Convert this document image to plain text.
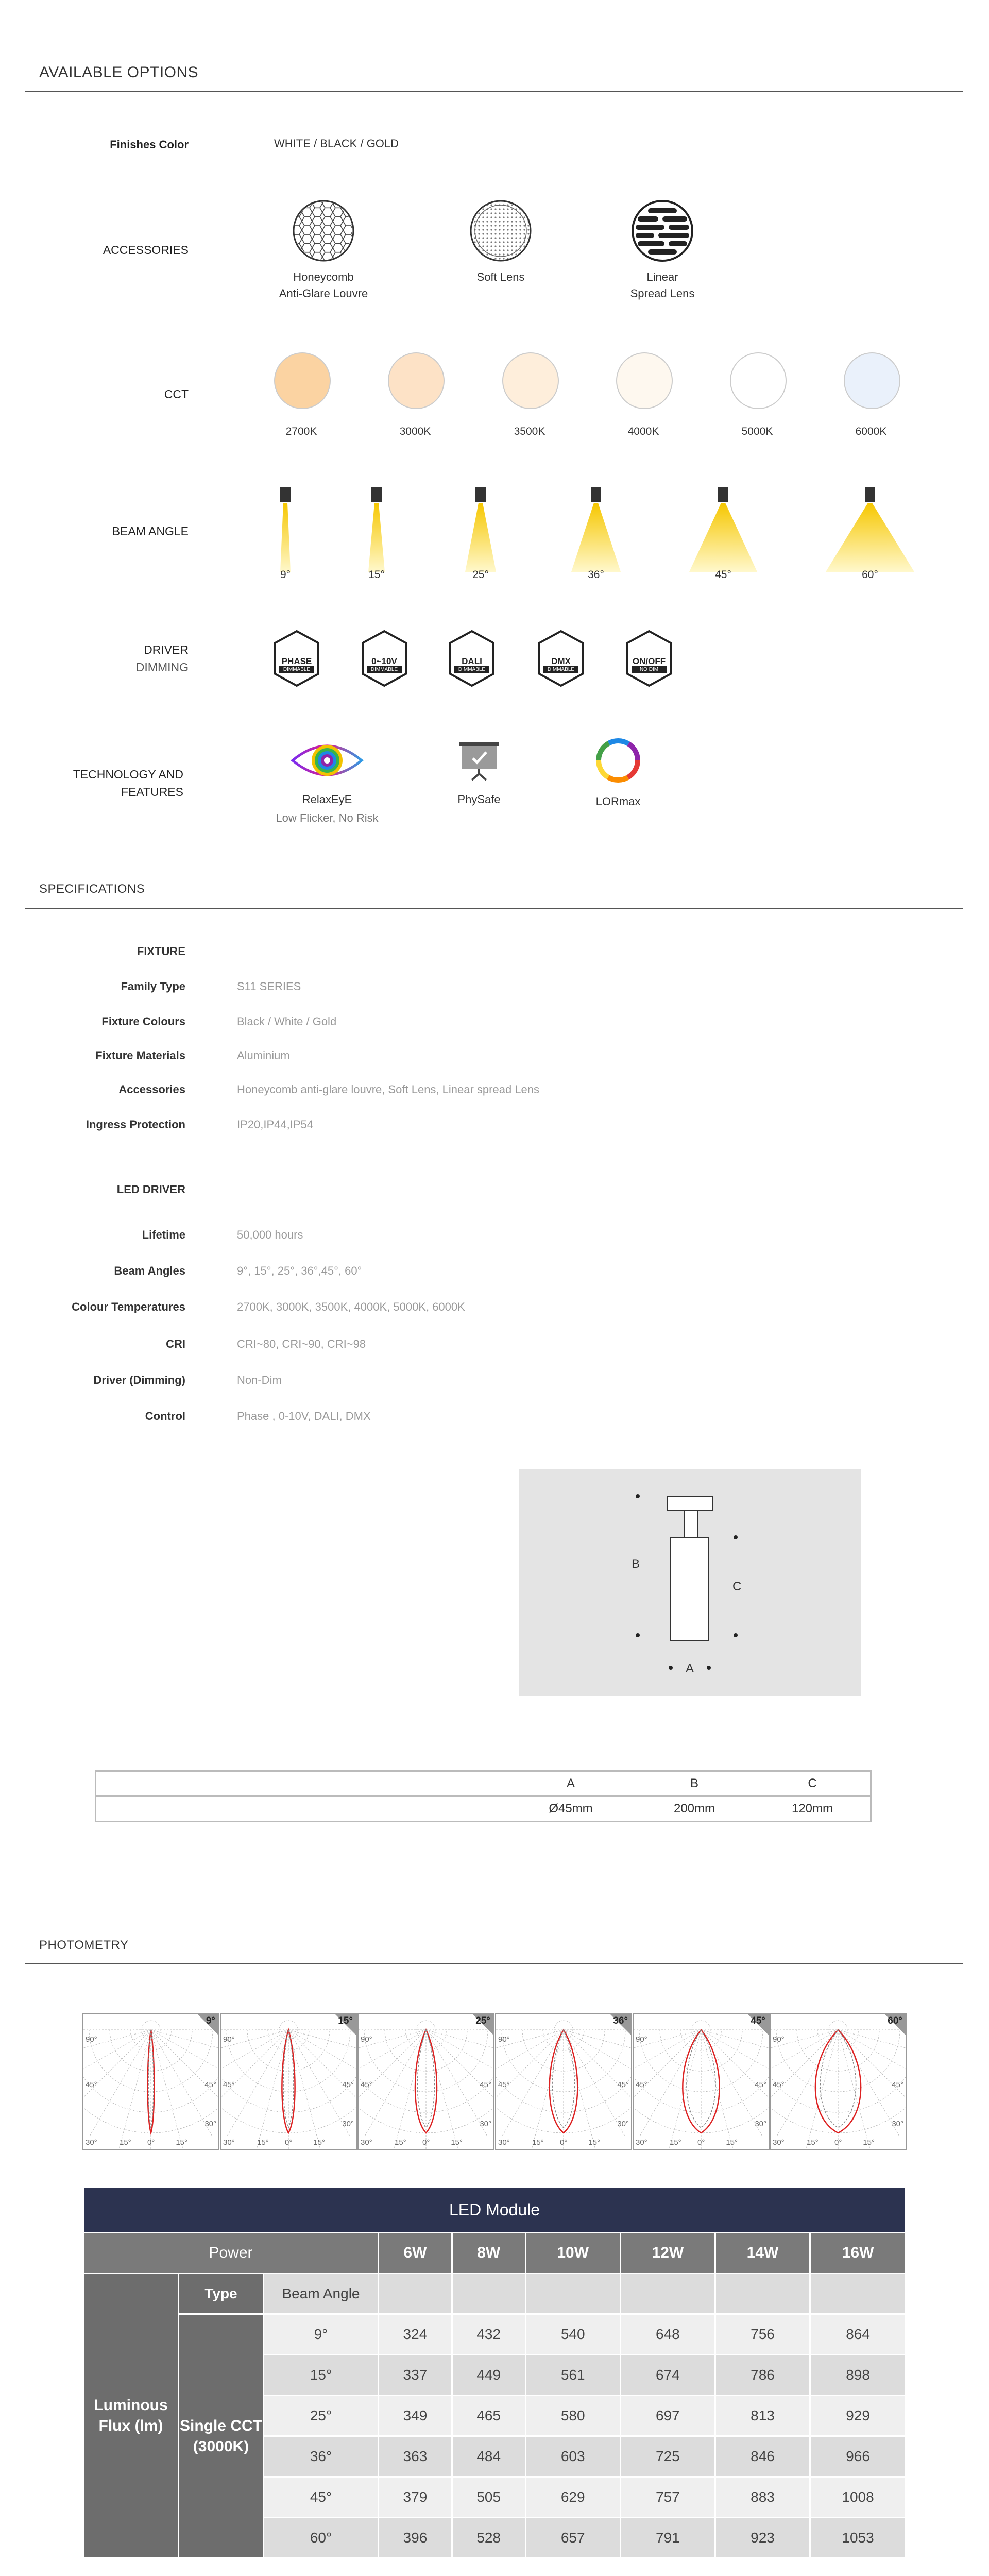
AVAILABLE OPTIONS
Finishes Color	WHITE / BLACK / GOLD
ACCESSORIES
Honeycomb
Anti-Glare Louvre
Soft Lens	Linear
Spread Lens
CCT
2700K	3000K	3500K	4000K	5000K	6000K
BEAM ANGLE
9°	15°	25°	36°	45°	60°
DRIVER
DIMMING	PHASE
DIMMABLE
0~10V
DIMMABLE
DALI
DIMMABLE
DMX
DIMMABLE
ON/OFF
NO DIM
TECHNOLOGY AND
FEATURES
RelaxEyE
Low Flicker, No Risk
PhySafe	LORmax
SPECIFICATIONS
FIXTURE
Family Type	S11 SERIES
Fixture Colours	Black / White / Gold
Fixture Materials	Aluminium
Accessories	Honeycomb anti-glare louvre, Soft Lens, Linear spread Lens
Ingress Protection	IP20,IP44,IP54
LED DRIVER
Lifetime	50,000 hours
Beam Angles	9°, 15°, 25°, 36°,45°, 60°
Colour Temperatures	2700K, 3000K, 3500K, 4000K, 5000K, 6000K
CRI	CRI~80, CRI~90, CRI~98
Driver (Dimming)	Non-Dim
Control	Phase , 0-10V, DALI, DMX
B
C
A
	A	B	C
	Ø45mm	200mm	120mm
PHOTOMETRY
9°
90°
45°
30°	15° 0°
45°
30°
15°
15°
90°
45°
30°	15° 0°
45°
30°
15°
25°
90°
45°
30°	15° 0°
45°
30°
15°
36°
90°
45°
30°	15° 0°
45°
30°
15°
45°
90°
45°
30°	15° 0°
45°
30°
15°
60°
90°
45°
30°	15° 0°
45°
30°
15°
LED Module								
Power			6W	8W	10W	12W	14W	16W
Luminous Flux (lm)	Type	Beam Angle						
	Single CCT (3000K)	9°	324	432	540	648	756	864
		15°	337	449	561	674	786	898
		25°	349	465	580	697	813	929
		36°	363	484	603	725	846	966
		45°	379	505	629	757	883	1008
		60°	396	528	657	791	923	1053
